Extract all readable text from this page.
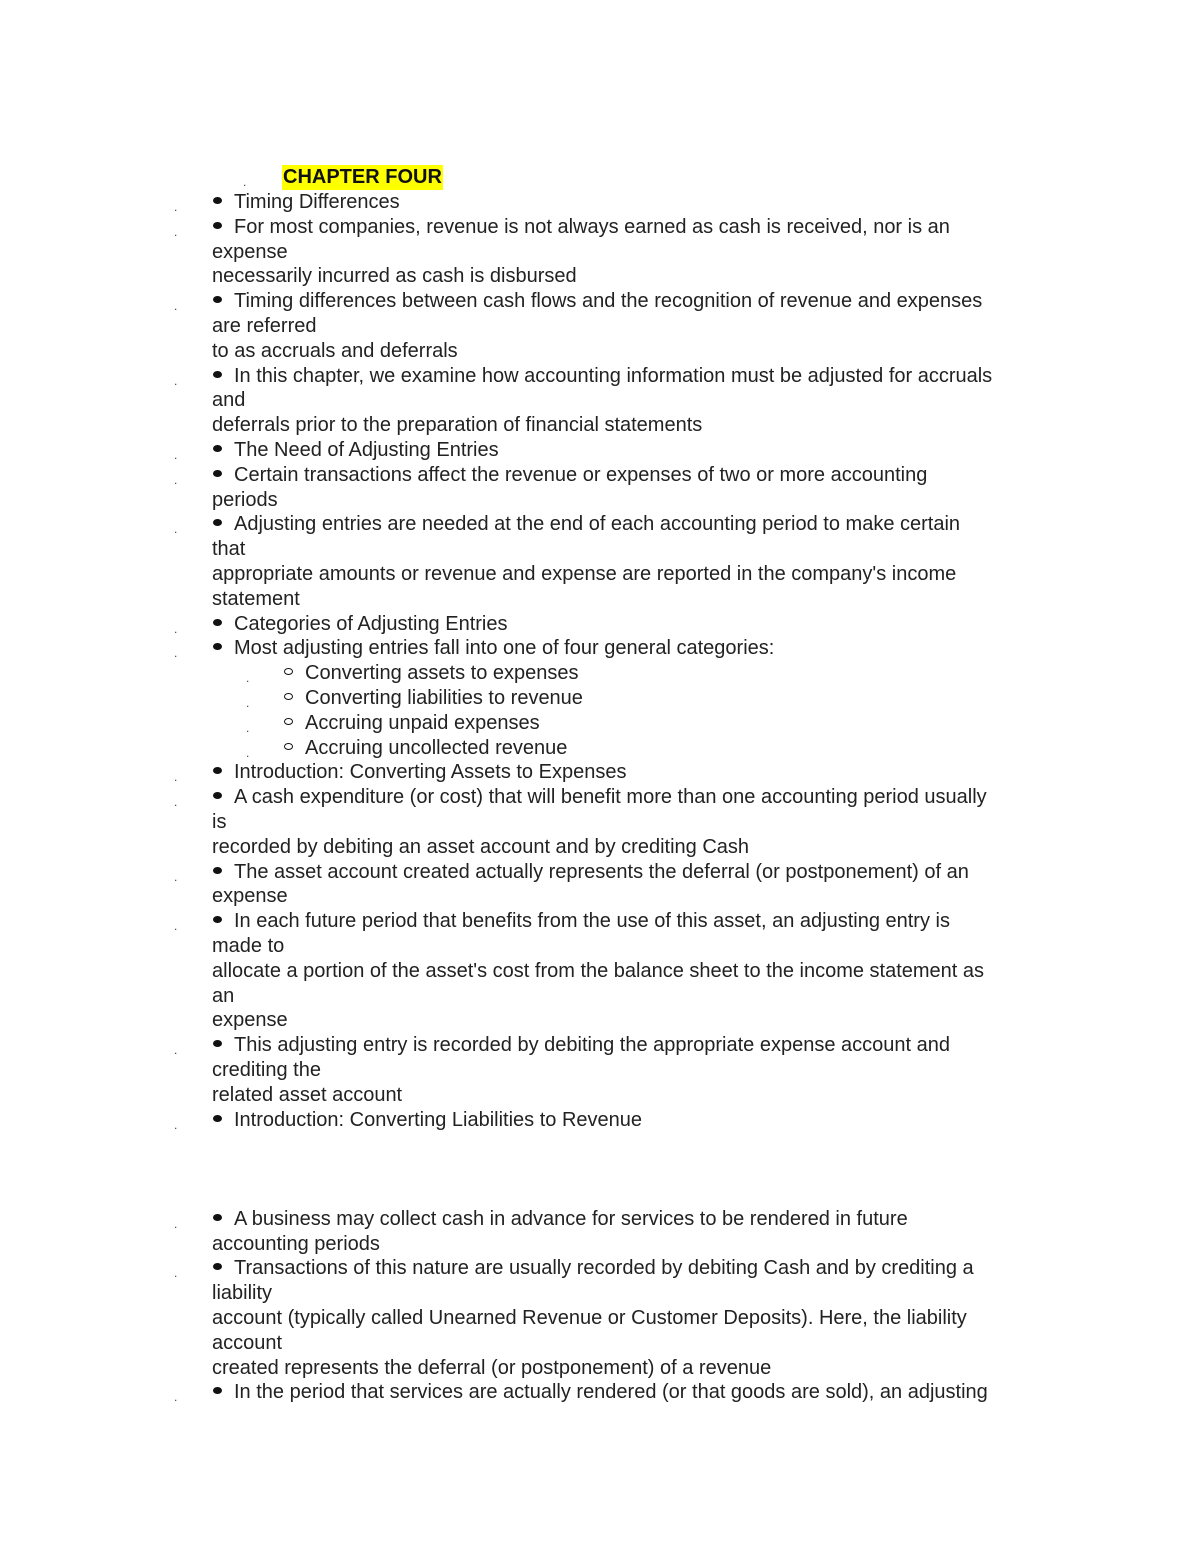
. CHAPTER FOUR
.	Timing Differences
.	For most companies, revenue is not always earned as cash is received, nor is an
expense
necessarily incurred as cash is disbursed
.	Timing differences between cash flows and the recognition of revenue and expenses
are referred
to as accruals and deferrals
.	In this chapter, we examine how accounting information must be adjusted for accruals
and
deferrals prior to the preparation of financial statements
.	The Need of Adjusting Entries
.	Certain transactions affect the revenue or expenses of two or more accounting
periods
.	Adjusting entries are needed at the end of each accounting period to make certain
that
appropriate amounts or revenue and expense are reported in the company's income
statement
.	Categories of Adjusting Entries
.	Most adjusting entries fall into one of four general categories:
.	Converting assets to expenses
.	Converting liabilities to revenue
.	Accruing unpaid expenses
.	Accruing uncollected revenue
.	Introduction: Converting Assets to Expenses
.	A cash expenditure (or cost) that will benefit more than one accounting period usually
is
recorded by debiting an asset account and by crediting Cash
.	The asset account created actually represents the deferral (or postponement) of an
expense
.	In each future period that benefits from the use of this asset, an adjusting entry is
made to
allocate a portion of the asset's cost from the balance sheet to the income statement as
an
expense
.	This adjusting entry is recorded by debiting the appropriate expense account and
crediting the
related asset account
.	Introduction: Converting Liabilities to Revenue
.	A business may collect cash in advance for services to be rendered in future
accounting periods
.	Transactions of this nature are usually recorded by debiting Cash and by crediting a
liability
account (typically called Unearned Revenue or Customer Deposits). Here, the liability
account
created represents the deferral (or postponement) of a revenue
.	In the period that services are actually rendered (or that goods are sold), an adjusting
